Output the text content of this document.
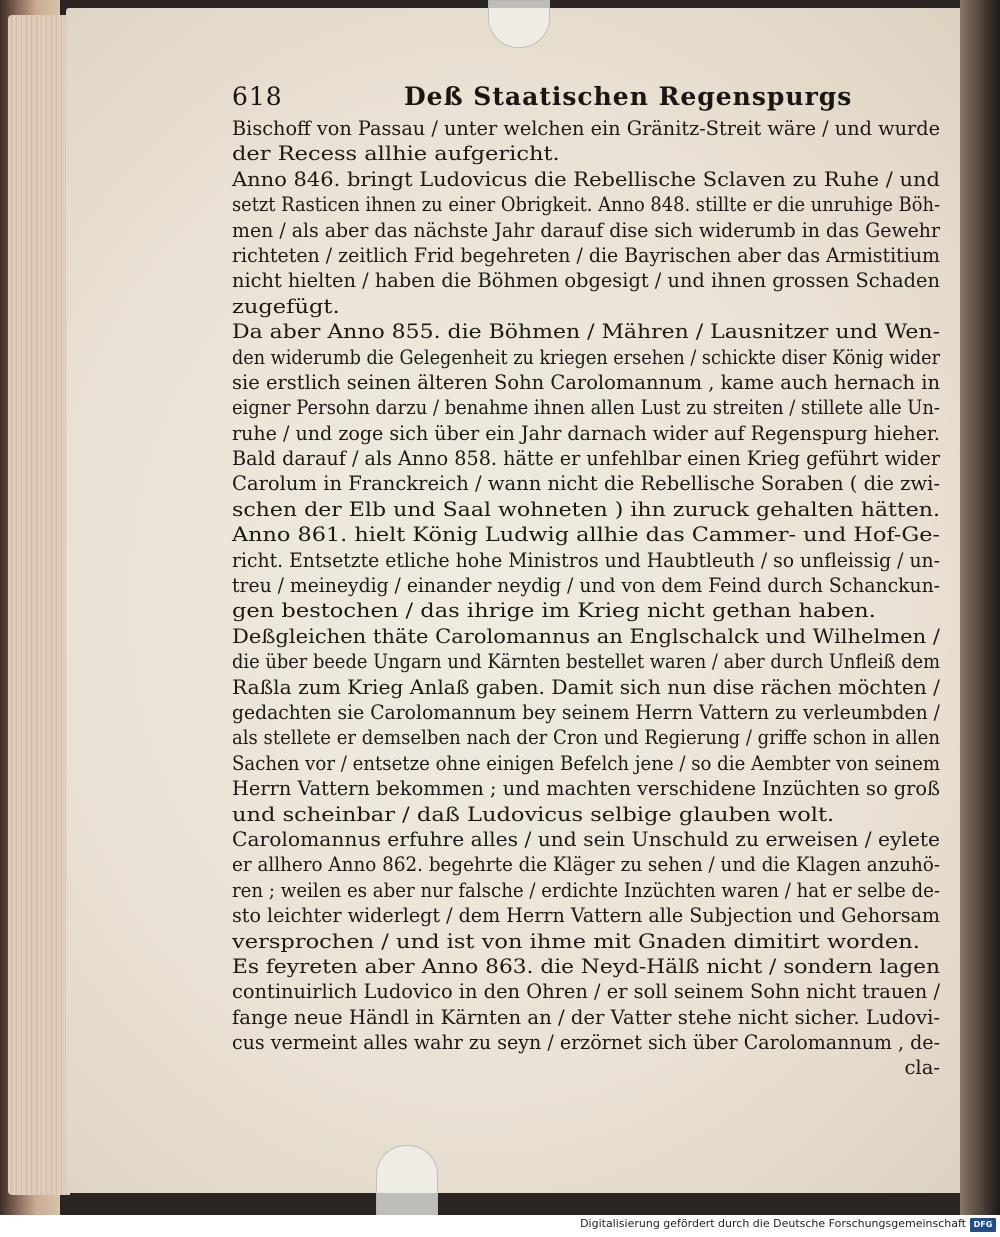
618	Deß Staatischen Regenspurgs
Bischoff von Passau / unter welchen ein Gränitz-Streit wäre / und wurde
der Recess allhie aufgericht.
Anno 846. bringt Ludovicus die Rebellische Sclaven zu Ruhe / und
setzt Rasticen ihnen zu einer Obrigkeit. Anno 848. stillte er die unruhige Böh-
men / als aber das nächste Jahr darauf dise sich widerumb in das Gewehr
richteten / zeitlich Frid begehreten / die Bayrischen aber das Armistitium
nicht hielten / haben die Böhmen obgesigt / und ihnen grossen Schaden
zugefügt.
Da aber Anno 855. die Böhmen / Mähren / Lausnitzer und Wen-
den widerumb die Gelegenheit zu kriegen ersehen / schickte diser König wider
sie erstlich seinen älteren Sohn Carolomannum , kame auch hernach in
eigner Persohn darzu / benahme ihnen allen Lust zu streiten / stillete alle Un-
ruhe / und zoge sich über ein Jahr darnach wider auf Regenspurg hieher.
Bald darauf / als Anno 858. hätte er unfehlbar einen Krieg geführt wider
Carolum in Franckreich / wann nicht die Rebellische Soraben ( die zwi-
schen der Elb und Saal wohneten ) ihn zuruck gehalten hätten.
Anno 861. hielt König Ludwig allhie das Cammer- und Hof-Ge-
richt. Entsetzte etliche hohe Ministros und Haubtleuth / so unfleissig / un-
treu / meineydig / einander neydig / und von dem Feind durch Schanckun-
gen bestochen / das ihrige im Krieg nicht gethan haben.
Deßgleichen thäte Carolomannus an Englschalck und Wilhelmen /
die über beede Ungarn und Kärnten bestellet waren / aber durch Unfleiß dem
Raßla zum Krieg Anlaß gaben. Damit sich nun dise rächen möchten /
gedachten sie Carolomannum bey seinem Herrn Vattern zu verleumbden /
als stellete er demselben nach der Cron und Regierung / griffe schon in allen
Sachen vor / entsetze ohne einigen Befelch jene / so die Aembter von seinem
Herrn Vattern bekommen ; und machten verschidene Inzüchten so groß
und scheinbar / daß Ludovicus selbige glauben wolt.
Carolomannus erfuhre alles / und sein Unschuld zu erweisen / eylete
er allhero Anno 862. begehrte die Kläger zu sehen / und die Klagen anzuhö-
ren ; weilen es aber nur falsche / erdichte Inzüchten waren / hat er selbe de-
sto leichter widerlegt / dem Herrn Vattern alle Subjection und Gehorsam
versprochen / und ist von ihme mit Gnaden dimitirt worden.
Es feyreten aber Anno 863. die Neyd-Hälß nicht / sondern lagen
continuirlich Ludovico in den Ohren / er soll seinem Sohn nicht trauen /
fange neue Händl in Kärnten an / der Vatter stehe nicht sicher. Ludovi-
cus vermeint alles wahr zu seyn / erzörnet sich über Carolomannum , de-
cla-
Digitalisierung gefördert durch die Deutsche Forschungsgemeinschaft DFG
